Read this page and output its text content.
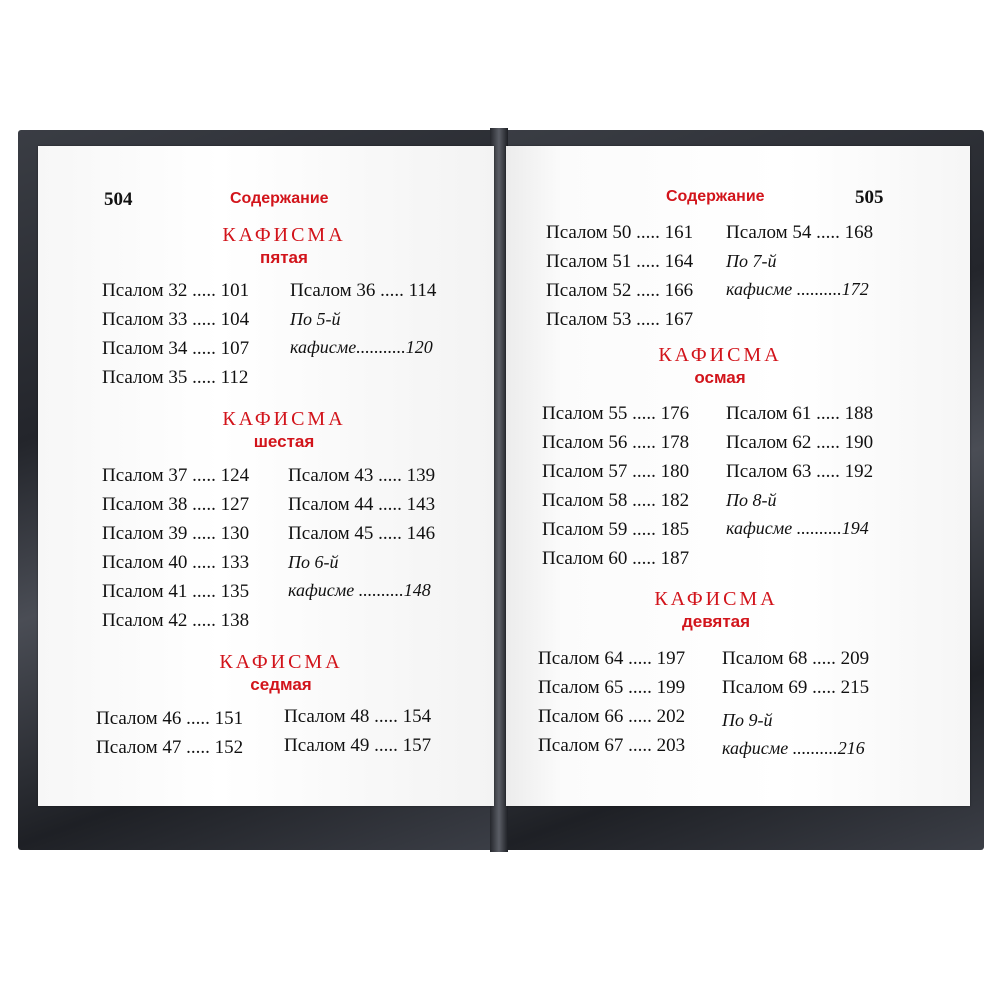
504	Содержание
КАФИСМА
пятая
Псалом 32 ..... 101
Псалом 33 ..... 104
Псалом 34 ..... 107
Псалом 35 ..... 112
Псалом 36 ..... 114
По 5-й
кафисме...........120
КАФИСМА
шестая
Псалом 37 ..... 124
Псалом 38 ..... 127
Псалом 39 ..... 130
Псалом 40 ..... 133
Псалом 41 ..... 135
Псалом 42 ..... 138
Псалом 43 ..... 139
Псалом 44 ..... 143
Псалом 45 ..... 146
По 6-й
кафисме ..........148
КАФИСМА
седмая
Псалом 46 ..... 151
Псалом 47 ..... 152
Псалом 48 ..... 154
Псалом 49 ..... 157
Содержание	505
Псалом 50 ..... 161
Псалом 51 ..... 164
Псалом 52 ..... 166
Псалом 53 ..... 167
Псалом 54 ..... 168
По 7-й
кафисме ..........172
КАФИСМА
осмая
Псалом 55 ..... 176
Псалом 56 ..... 178
Псалом 57 ..... 180
Псалом 58 ..... 182
Псалом 59 ..... 185
Псалом 60 ..... 187
Псалом 61 ..... 188
Псалом 62 ..... 190
Псалом 63 ..... 192
По 8-й
кафисме ..........194
КАФИСМА
девятая
Псалом 64 ..... 197
Псалом 65 ..... 199
Псалом 66 ..... 202
Псалом 67 ..... 203
Псалом 68 ..... 209
Псалом 69 ..... 215
По 9-й
кафисме ..........216
